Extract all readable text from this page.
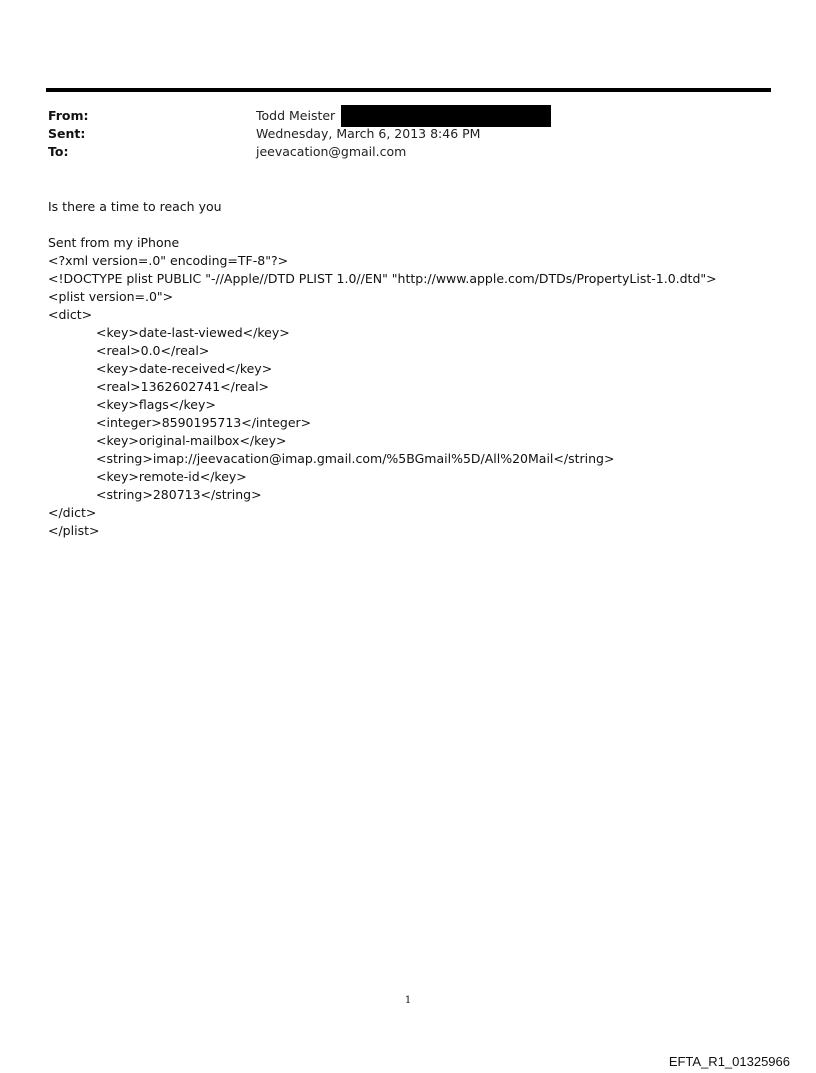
From:	Todd Meister
Sent:	Wednesday, March 6, 2013 8:46 PM
To:	jeevacation@gmail.com
Is there a time to reach you
Sent from my iPhone
<?xml version=.0" encoding=TF-8"?>
<!DOCTYPE plist PUBLIC "-//Apple//DTD PLIST 1.0//EN" "http://www.apple.com/DTDs/PropertyList-1.0.dtd">
<plist version=.0">
<dict>
<key>date-last-viewed</key>
<real>0.0</real>
<key>date-received</key>
<real>1362602741</real>
<key>flags</key>
<integer>8590195713</integer>
<key>original-mailbox</key>
<string>imap://jeevacation@imap.gmail.com/%5BGmail%5D/All%20Mail</string>
<key>remote-id</key>
<string>280713</string>
</dict>
</plist>
1
EFTA_R1_01325966
